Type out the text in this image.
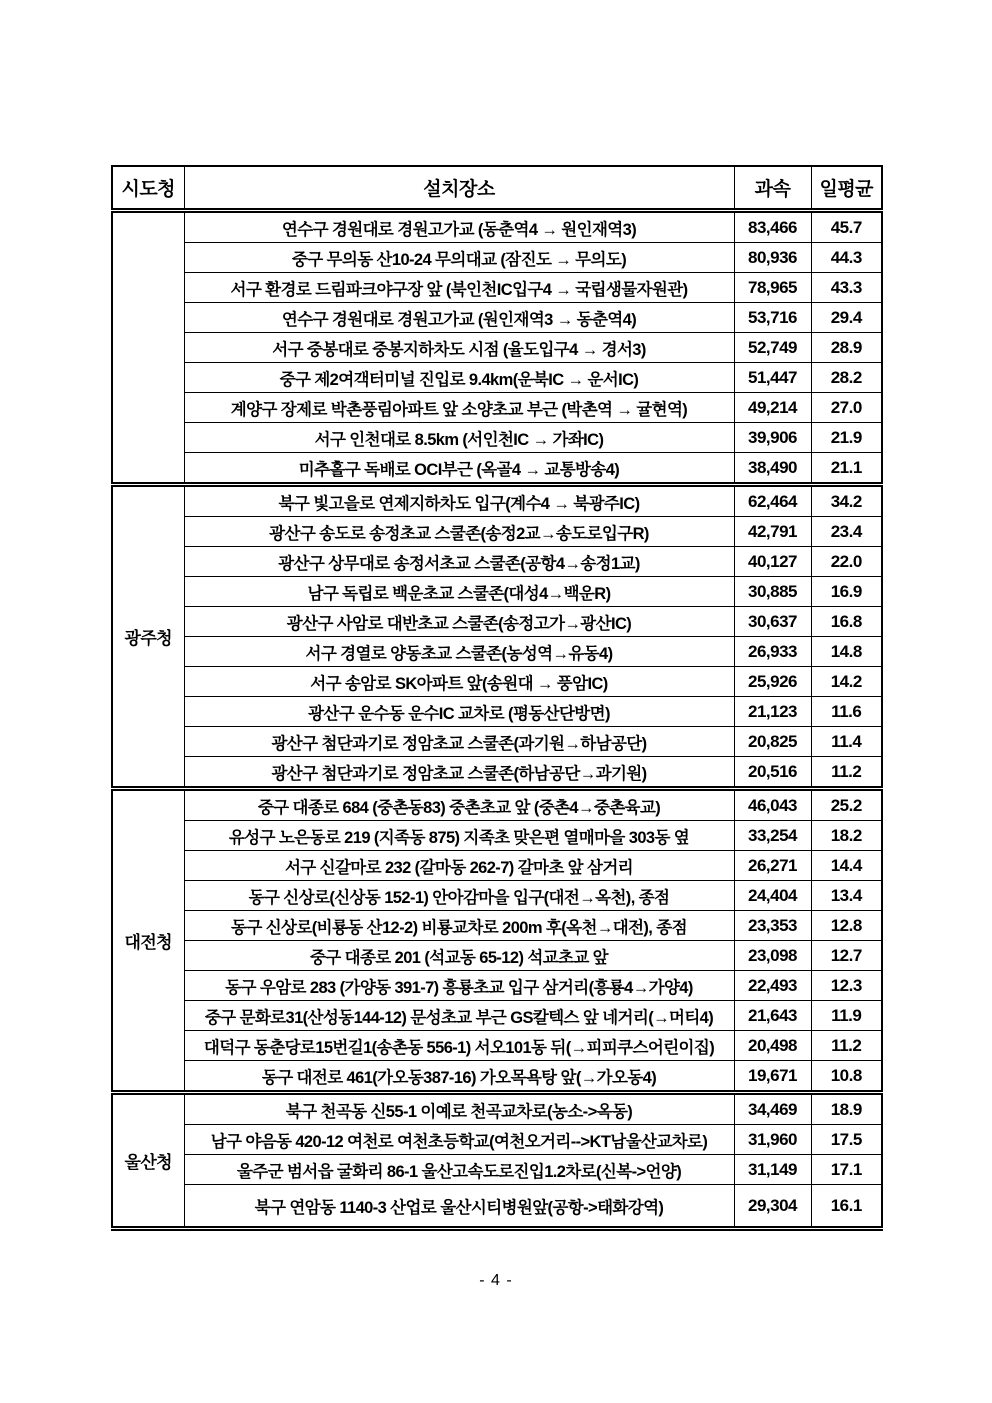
시도청	설치장소	과속	일평균
	연수구 경원대로 경원고가교 (동춘역4 → 원인재역3)	83,466	45.7
	중구 무의동 산10-24 무의대교 (잠진도 → 무의도)	80,936	44.3
	서구 환경로 드림파크야구장 앞 (북인천IC입구4 → 국립생물자원관)	78,965	43.3
	연수구 경원대로 경원고가교 (원인재역3 → 동춘역4)	53,716	29.4
	서구 중봉대로 중봉지하차도 시점 (율도입구4 → 경서3)	52,749	28.9
	중구 제2여객터미널 진입로 9.4km(운북IC → 운서IC)	51,447	28.2
	계양구 장제로 박촌풍림아파트 앞 소양초교 부근 (박촌역 → 귤현역)	49,214	27.0
	서구 인천대로 8.5km (서인천IC → 가좌IC)	39,906	21.9
	미추홀구 독배로 OCI부근 (옥골4 → 교통방송4)	38,490	21.1
광주청	북구 빛고을로 연제지하차도 입구(계수4 → 북광주IC)	62,464	34.2
	광산구 송도로 송정초교 스쿨존(송정2교→송도로입구R)	42,791	23.4
	광산구 상무대로 송정서초교 스쿨존(공항4→송정1교)	40,127	22.0
	남구 독립로 백운초교 스쿨존(대성4→백운R)	30,885	16.9
	광산구 사암로 대반초교 스쿨존(송정고가→광산IC)	30,637	16.8
	서구 경열로 양동초교 스쿨존(농성역→유동4)	26,933	14.8
	서구 송암로 SK아파트 앞(송원대 → 풍암IC)	25,926	14.2
	광산구 운수동 운수IC 교차로 (평동산단방면)	21,123	11.6
	광산구 첨단과기로 정암초교 스쿨존(과기원→하남공단)	20,825	11.4
	광산구 첨단과기로 정암초교 스쿨존(하남공단→과기원)	20,516	11.2
대전청	중구 대종로 684 (중촌동83) 중촌초교 앞 (중촌4→중촌육교)	46,043	25.2
	유성구 노은동로 219 (지족동 875) 지족초 맞은편 열매마을 303동 옆	33,254	18.2
	서구 신갈마로 232 (갈마동 262-7) 갈마초 앞 삼거리	26,271	14.4
	동구 신상로(신상동 152-1) 안아감마을 입구(대전→옥천), 종점	24,404	13.4
	동구 신상로(비룡동 산12-2) 비룡교차로 200m 후(옥천→대전), 종점	23,353	12.8
	중구 대종로 201 (석교동 65-12) 석교초교 앞	23,098	12.7
	동구 우암로 283 (가양동 391-7) 흥룡초교 입구 삼거리(흥룡4→가양4)	22,493	12.3
	중구 문화로31(산성동144-12) 문성초교 부근 GS칼텍스 앞 네거리(→머티4)	21,643	11.9
	대덕구 동춘당로15번길1(송촌동 556-1) 서오101동 뒤(→피피쿠스어린이집)	20,498	11.2
	동구 대전로 461(가오동387-16) 가오목욕탕 앞(→가오동4)	19,671	10.8
울산청	북구 천곡동 신55-1 이예로 천곡교차로(농소->옥동)	34,469	18.9
	남구 야음동 420-12 여천로 여천초등학교(여천오거리-->KT남울산교차로)	31,960	17.5
	울주군 범서읍 굴화리 86-1 울산고속도로진입1.2차로(신복->언양)	31,149	17.1
	북구 연암동 1140-3 산업로 울산시티병원앞(공항->태화강역)	29,304	16.1
- 4 -
